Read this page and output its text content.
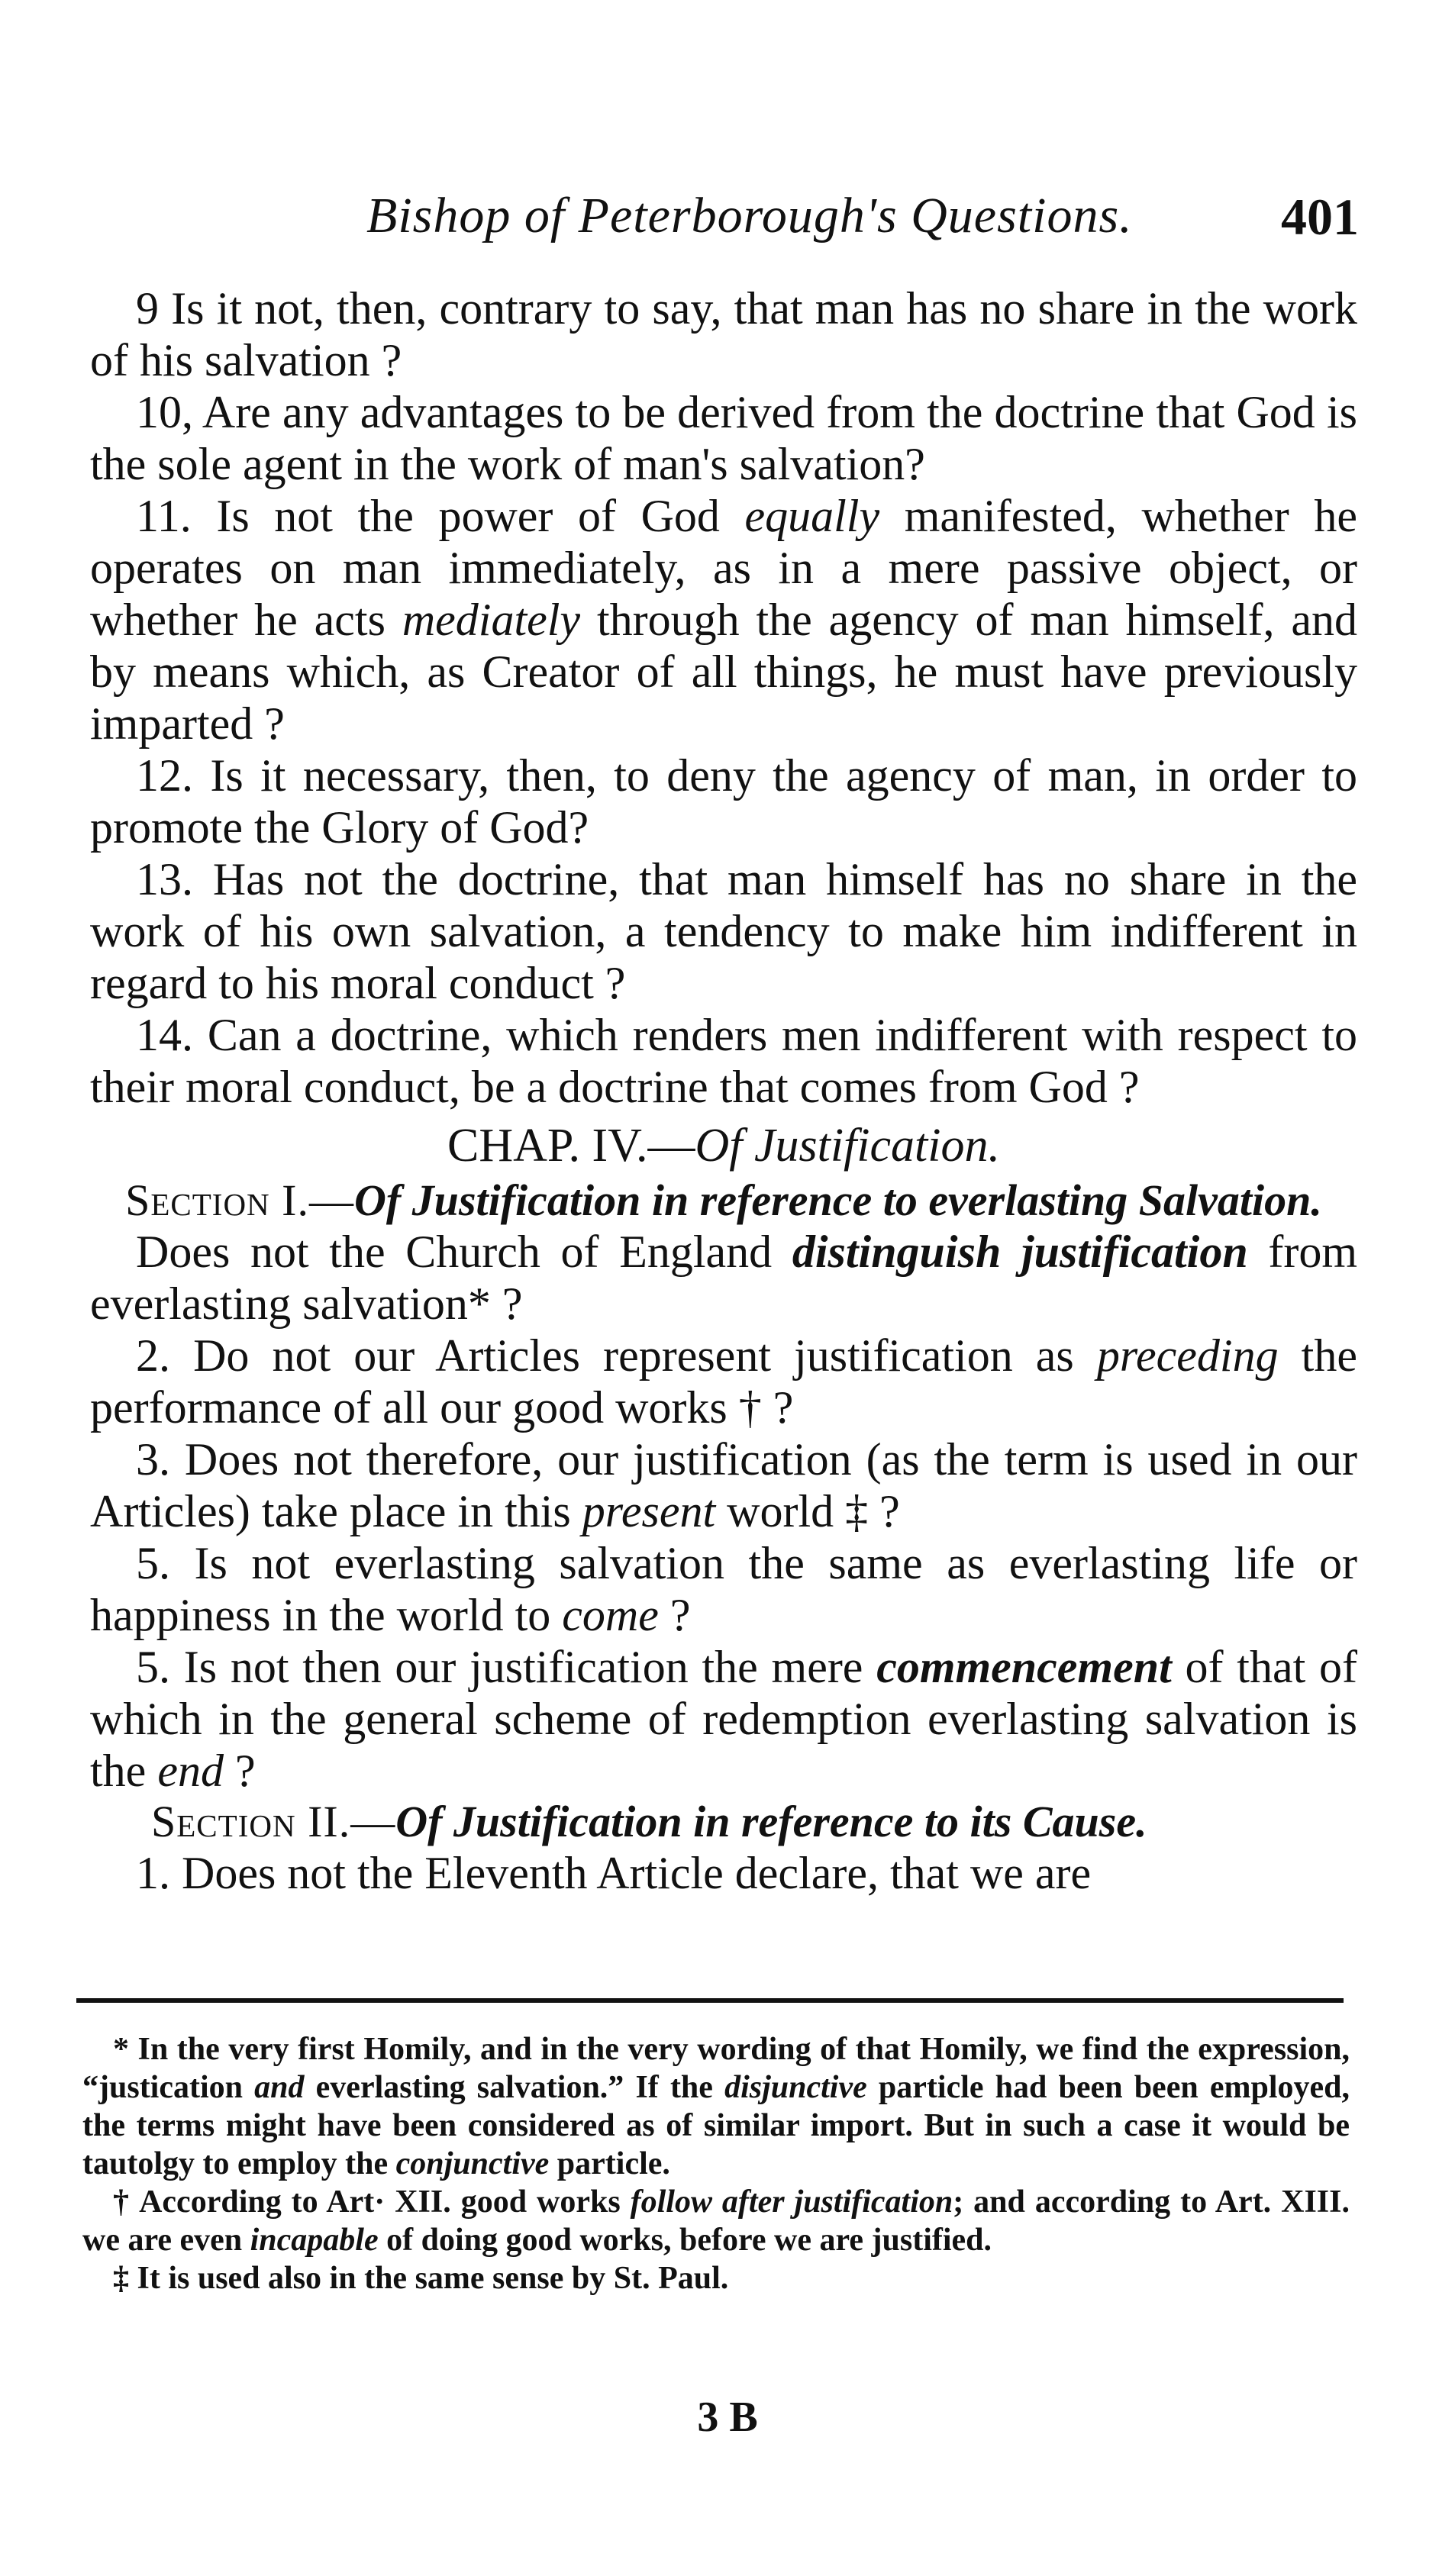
Bishop of Peterborough's Questions.	401

9 Is it not, then, contrary to say, that man has no share in the work of his salvation ?

10, Are any advantages to be derived from the doctrine that God is the sole agent in the work of man's salvation?

11. Is not the power of God equally manifested, whether he operates on man immediately, as in a mere passive object, or whether he acts mediately through the agency of man himself, and by means which, as Creator of all things, he must have previously imparted ?

12. Is it necessary, then, to deny the agency of man, in order to promote the Glory of God?

13. Has not the doctrine, that man himself has no share in the work of his own salvation, a tendency to make him indifferent in regard to his moral conduct ?

14. Can a doctrine, which renders men indifferent with respect to their moral conduct, be a doctrine that comes from God ?

CHAP. IV.—Of Justification.

Section I.—Of Justification in reference to everlasting Salvation.

Does not the Church of England distinguish justification from everlasting salvation* ?

2. Do not our Articles represent justification as preceding the performance of all our good works † ?

3. Does not therefore, our justification (as the term is used in our Articles) take place in this present world ‡ ?

5. Is not everlasting salvation the same as everlasting life or happiness in the world to come ?

5. Is not then our justification the mere commencement of that of which in the general scheme of redemption everlasting salvation is the end ?

Section II.—Of Justification in reference to its Cause.

1. Does not the Eleventh Article declare, that we are

* In the very first Homily, and in the very wording of that Homily, we find the expression, “justication and everlasting salvation.” If the disjunctive particle had been been employed, the terms might have been considered as of similar import. But in such a case it would be tautolgy to employ the conjunctive particle.

† According to Art· XII. good works follow after justification; and according to Art. XIII. we are even incapable of doing good works, before we are justified.

‡ It is used also in the same sense by St. Paul.

3 B
